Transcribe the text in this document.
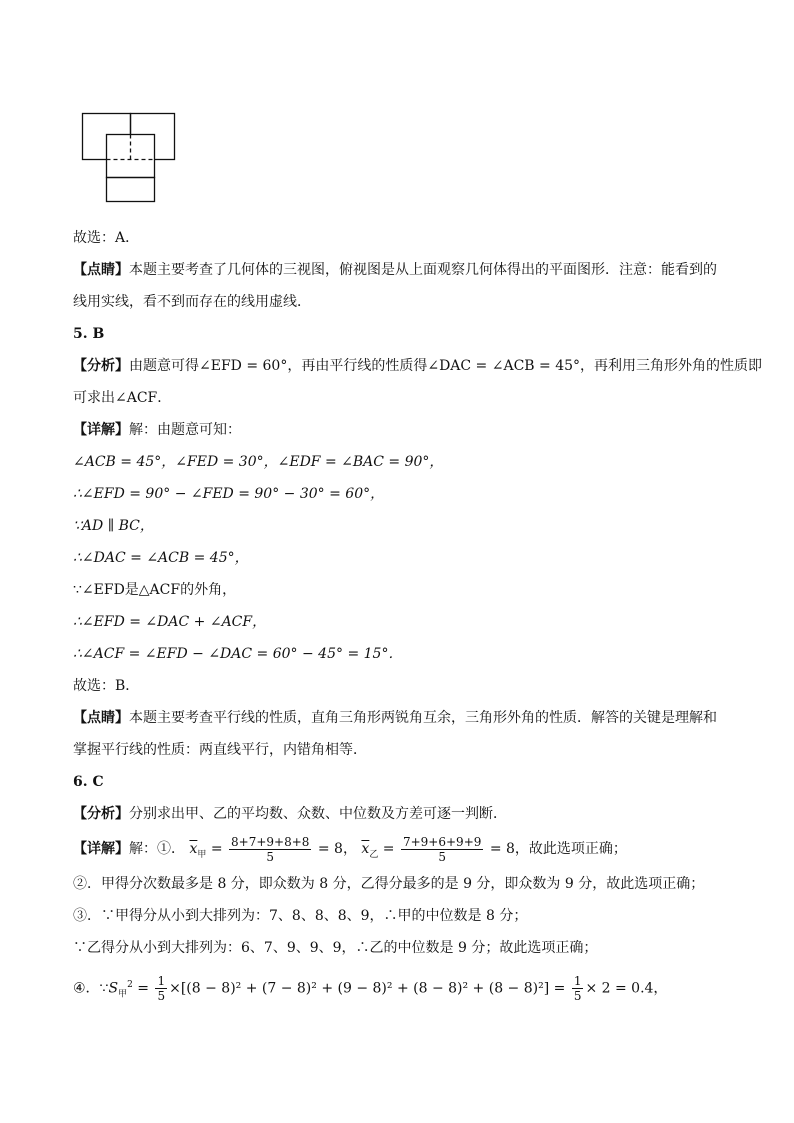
故选：A．
【点睛】本题主要考查了几何体的三视图，俯视图是从上面观察几何体得出的平面图形．注意：能看到的
线用实线，看不到而存在的线用虚线．
5. B
【分析】由题意可得∠EFD = 60°，再由平行线的性质得∠DAC = ∠ACB = 45°，再利用三角形外角的性质即
可求出∠ACF．
【详解】解：由题意可知：
∠ACB = 45°，∠FED = 30°，∠EDF = ∠BAC = 90°，
∴∠EFD = 90° − ∠FED = 90° − 30° = 60°，
∵AD ∥ BC，
∴∠DAC = ∠ACB = 45°，
∵∠EFD是△ACF的外角，
∴∠EFD = ∠DAC + ∠ACF，
∴∠ACF = ∠EFD − ∠DAC = 60° − 45° = 15°．
故选：B．
【点睛】本题主要考查平行线的性质，直角三角形两锐角互余，三角形外角的性质．解答的关键是理解和
掌握平行线的性质：两直线平行，内错角相等．
6. C
【分析】分别求出甲、乙的平均数、众数、中位数及方差可逐一判断．
【详解】解：①． $\overline{x}_甲 = \frac{8+7+9+8+8}{5} = 8$， $\overline{x}_乙 = \frac{7+9+6+9+9}{5} = 8$，故此选项正确；
②．甲得分次数最多是 8 分，即众数为 8 分，乙得分最多的是 9 分，即众数为 9 分，故此选项正确；
③．∵甲得分从小到大排列为：7、8、8、8、9，∴甲的中位数是 8 分；
∵乙得分从小到大排列为：6、7、9、9、9，∴乙的中位数是 9 分；故此选项正确；
④．$\because S_甲^2 = \frac{1}{5} \times[(8 - 8)^2 + (7 - 8)^2 + (9 - 8)^2 + (8 - 8)^2 + (8 - 8)^2] = \frac{1}{5} \times 2 = 0.4$，
